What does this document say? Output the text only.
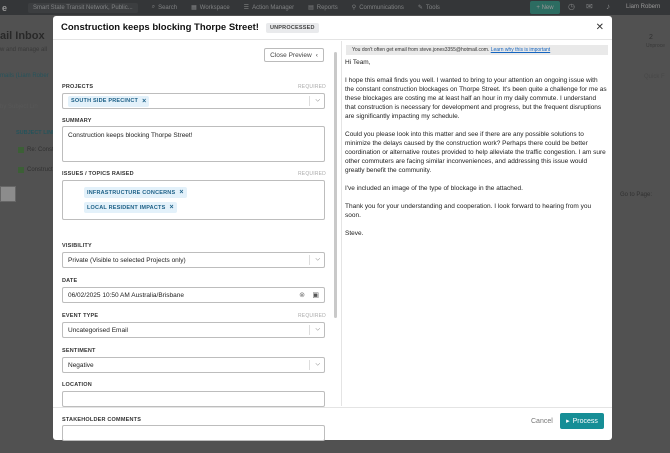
Construction keeps blocking Thorpe Street!	UNPROCESSED	✕
Close Preview ‹
PROJECTS	REQUIRED
SOUTH SIDE PRECINCT ×	⌵
SUMMARY
Construction keeps blocking Thorpe Street!
ISSUES / TOPICS RAISED	REQUIRED
INFRASTRUCTURE CONCERNS ×
LOCAL RESIDENT IMPACTS ×
VISIBILITY
Private (Visible to selected Projects only)	⌵
DATE
06/02/2025 10:50 AM Australia/Brisbane	⊗ ▣
EVENT TYPE	REQUIRED
Uncategorised Email	⌵
SENTIMENT
Negative	⌵
LOCATION
STAKEHOLDER COMMENTS
You don't often get email from steve.jones3355@hotmail.com. Learn why this is important

Hi Team,

I hope this email finds you well. I wanted to bring to your attention an ongoing issue with the constant construction blockages on Thorpe Street. It's been quite a challenge for me as these blockages are costing me at least half an hour in my daily commute. I understand that construction is necessary for development and progress, but the frequent disruptions are significantly impacting my schedule.

Could you please look into this matter and see if there are any possible solutions to minimize the delays caused by the construction work? Perhaps there could be better coordination or alternative routes provided to help alleviate the traffic congestion. I am sure other commuters are facing similar inconveniences, and addressing this issue would greatly benefit the community.

I've included an image of the type of blockage in the attached.

Thank you for your understanding and cooperation. I look forward to hearing from you soon.

Steve.

Cancel ▸ Process
